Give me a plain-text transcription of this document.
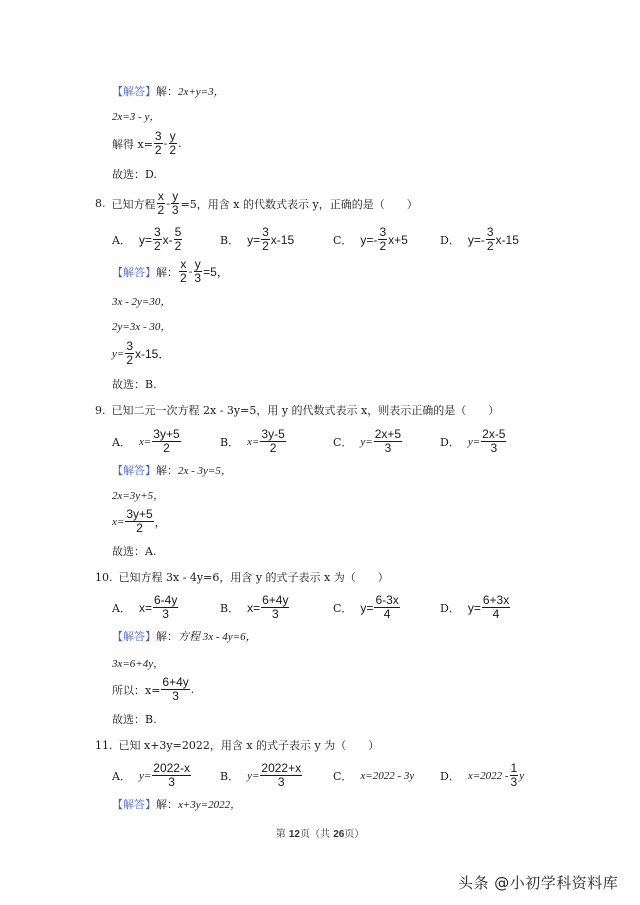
【解答】 解： 2x+y=3，
2x=3 - y，
解得 $x= \frac{3}{2} - \frac{y}{2}$ .
故选：D.
8. 已知方程 $\frac{x}{2} - \frac{y}{3} =5$，用含 x 的代数式表示 y，正确的是（　　）
A． $y= \frac{3}{2} x- \frac{5}{2}$	B． $y= \frac{3}{2} x-15$	C． $y=- \frac{3}{2} x+5$	D． $y=- \frac{3}{2} x-15$
【解答】 解： $\frac{x}{2} - \frac{y}{3} =5$，
3x - 2y=30，
2y=3x - 30，
$y= \frac{3}{2} x-15$．
故选：B.
9. 已知二元一次方程 2x - 3y=5，用 y 的代数式表示 x，则表示正确的是（　　）
A． $x= \frac{3y+5}{2}$	B． $x= \frac{3y-5}{2}$	C． $y= \frac{2x+5}{3}$	D． $y= \frac{2x-5}{3}$
【解答】 解： 2x - 3y=5，
2x=3y+5，
$x= \frac{3y+5}{2}$ ，
故选：A.
10. 已知方程 3x - 4y=6，用含 y 的式子表示 x 为（　　）
A． $x= \frac{6-4y}{3}$	B． $x= \frac{6+4y}{3}$	C． $y= \frac{6-3x}{4}$	D． $y= \frac{6+3x}{4}$
【解答】 解： 方程 3x - 4y=6，
3x=6+4y，
所以：$x= \frac{6+4y}{3}$ .
故选：B.
11. 已知 x+3y=2022，用含 x 的式子表示 y 为（　　）
A． $y= \frac{2022-x}{3}$	B． $y= \frac{2022+x}{3}$	C． x=2022 - 3y D． $x=2022 - \frac{1}{3}$ y
【解答】 解： x+3y=2022，
第 12页（共 26页）
头条 @小初学科资料库
